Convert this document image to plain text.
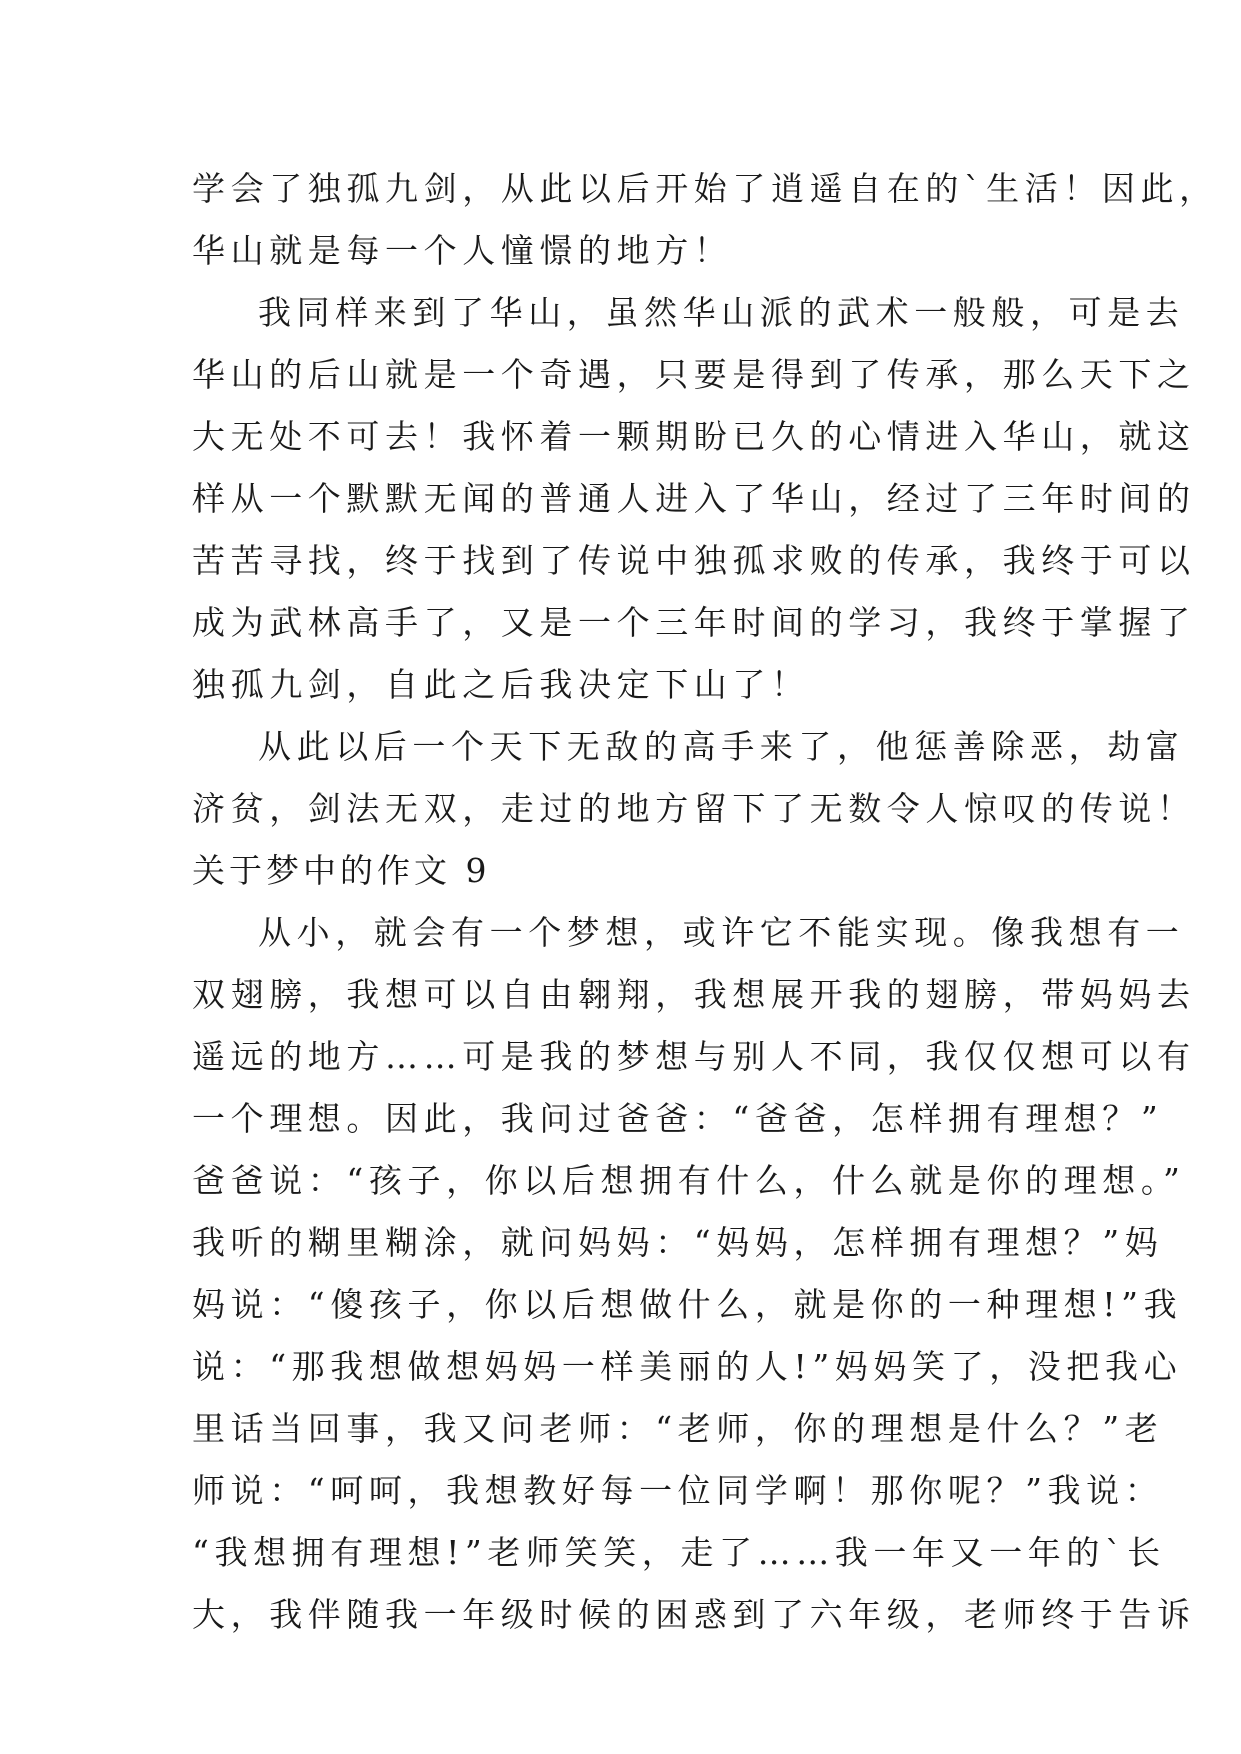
学会了独孤九剑，从此以后开始了逍遥自在的`生活！因此，
华山就是每一个人憧憬的地方！
我同样来到了华山，虽然华山派的武术一般般，可是去
华山的后山就是一个奇遇，只要是得到了传承，那么天下之
大无处不可去！我怀着一颗期盼已久的心情进入华山，就这
样从一个默默无闻的普通人进入了华山，经过了三年时间的
苦苦寻找，终于找到了传说中独孤求败的传承，我终于可以
成为武林高手了，又是一个三年时间的学习，我终于掌握了
独孤九剑，自此之后我决定下山了！
从此以后一个天下无敌的高手来了，他惩善除恶，劫富
济贫，剑法无双，走过的地方留下了无数令人惊叹的传说！
关于梦中的作文 9
从小，就会有一个梦想，或许它不能实现。像我想有一
双翅膀，我想可以自由翱翔，我想展开我的翅膀，带妈妈去
遥远的地方……可是我的梦想与别人不同，我仅仅想可以有
一个理想。因此，我问过爸爸：“爸爸，怎样拥有理想？”
爸爸说：“孩子，你以后想拥有什么，什么就是你的理想。”
我听的糊里糊涂，就问妈妈：“妈妈，怎样拥有理想？”妈
妈说：“傻孩子，你以后想做什么，就是你的一种理想!”我
说：“那我想做想妈妈一样美丽的人!”妈妈笑了，没把我心
里话当回事，我又问老师：“老师，你的理想是什么？”老
师说：“呵呵，我想教好每一位同学啊！那你呢？”我说：
“我想拥有理想!”老师笑笑，走了……我一年又一年的`长
大，我伴随我一年级时候的困惑到了六年级，老师终于告诉
